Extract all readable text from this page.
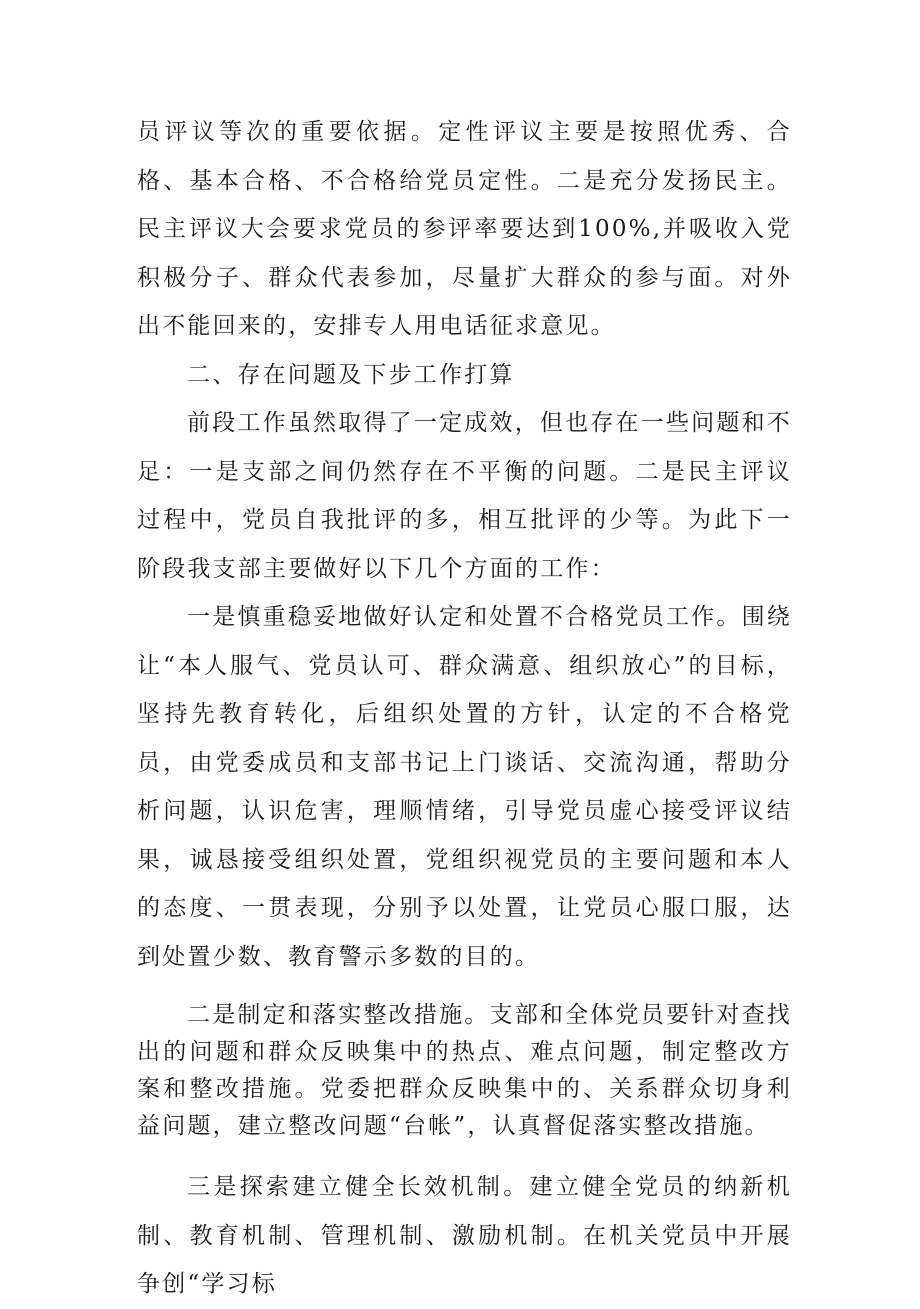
员评议等次的重要依据。定性评议主要是按照优秀、合格、基本合格、不合格给党员定性。二是充分发扬民主。民主评议大会要求党员的参评率要达到100%,并吸收入党积极分子、群众代表参加，尽量扩大群众的参与面。对外出不能回来的，安排专人用电话征求意见。

二、存在问题及下步工作打算

前段工作虽然取得了一定成效，但也存在一些问题和不足：一是支部之间仍然存在不平衡的问题。二是民主评议过程中，党员自我批评的多，相互批评的少等。为此下一阶段我支部主要做好以下几个方面的工作：

一是慎重稳妥地做好认定和处置不合格党员工作。围绕让“本人服气、党员认可、群众满意、组织放心”的目标，坚持先教育转化，后组织处置的方针，认定的不合格党员，由党委成员和支部书记上门谈话、交流沟通，帮助分析问题，认识危害，理顺情绪，引导党员虚心接受评议结果，诚恳接受组织处置，党组织视党员的主要问题和本人的态度、一贯表现，分别予以处置，让党员心服口服，达到处置少数、教育警示多数的目的。

二是制定和落实整改措施。支部和全体党员要针对查找出的问题和群众反映集中的热点、难点问题，制定整改方案和整改措施。党委把群众反映集中的、关系群众切身利益问题，建立整改问题“台帐”，认真督促落实整改措施。

三是探索建立健全长效机制。建立健全党员的纳新机制、教育机制、管理机制、激励机制。在机关党员中开展争创“学习标
